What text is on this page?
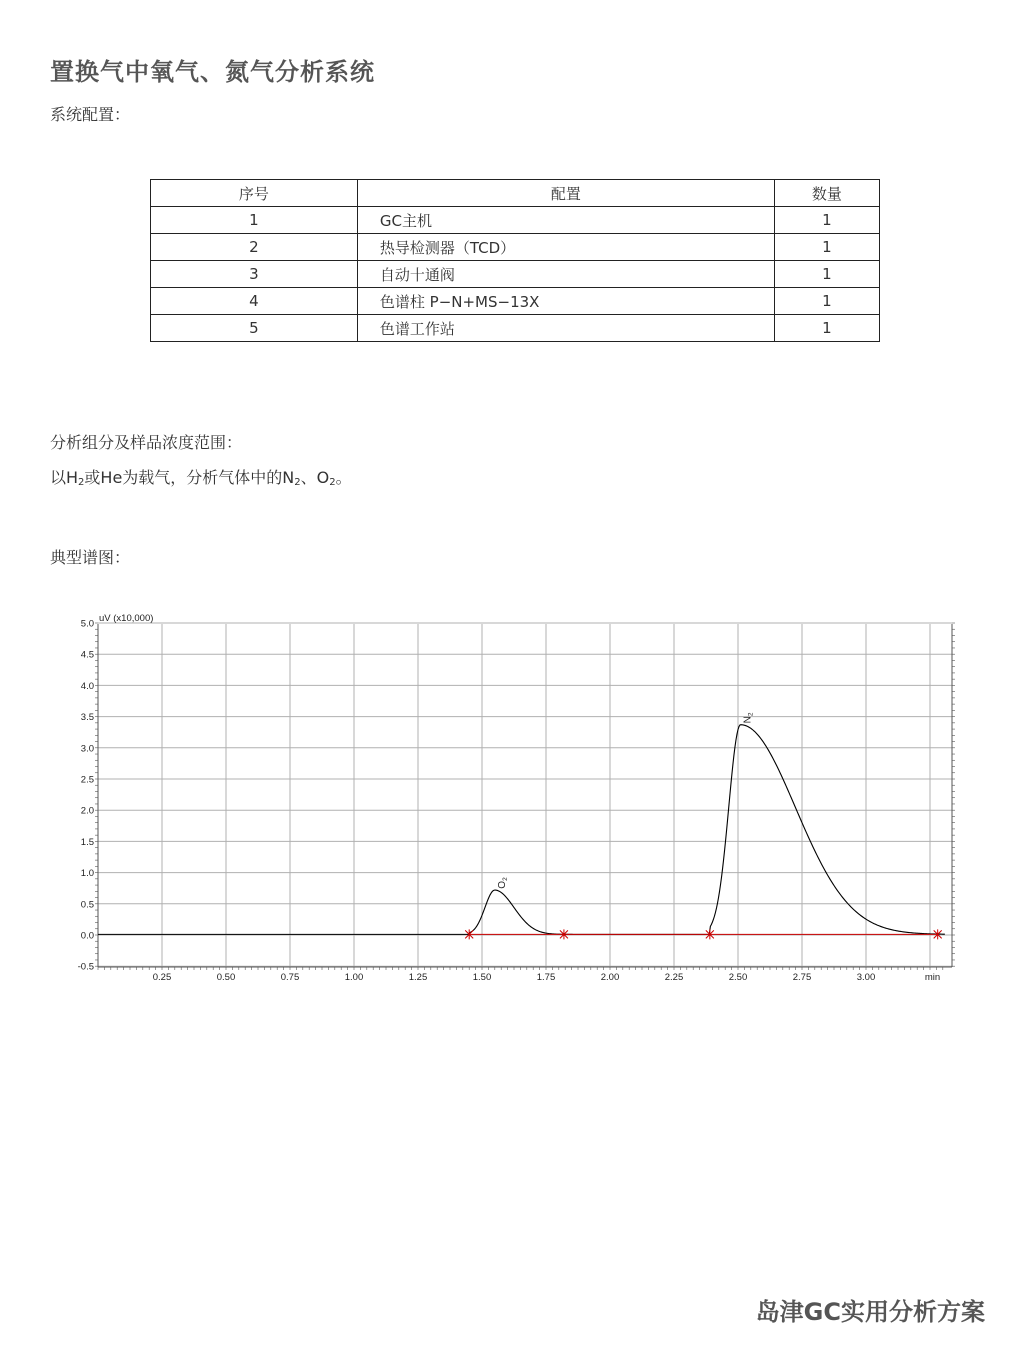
置换气中氧气、氮气分析系统
系统配置：
序号	配置	数量
1	GC主机	1
2	热导检测器（TCD）	1
3	自动十通阀	1
4	色谱柱 P−N+MS−13X	1
5	色谱工作站	1
分析组分及样品浓度范围：
以$H_2$或He为载气，分析气体中的$N_2$、$O_2$。
典型谱图：
0.25	0.50	0.75	1.00	1.25	1.50	1.75	2.00	2.25	2.50	2.75	3.00	min
5.0
4.5
4.0
3.5
3.0
2.5
2.0
1.5
1.0
0.5
0.0
-0.5
uV (x10,000)
$O_2$
$N_2$
岛津GC实用分析方案
